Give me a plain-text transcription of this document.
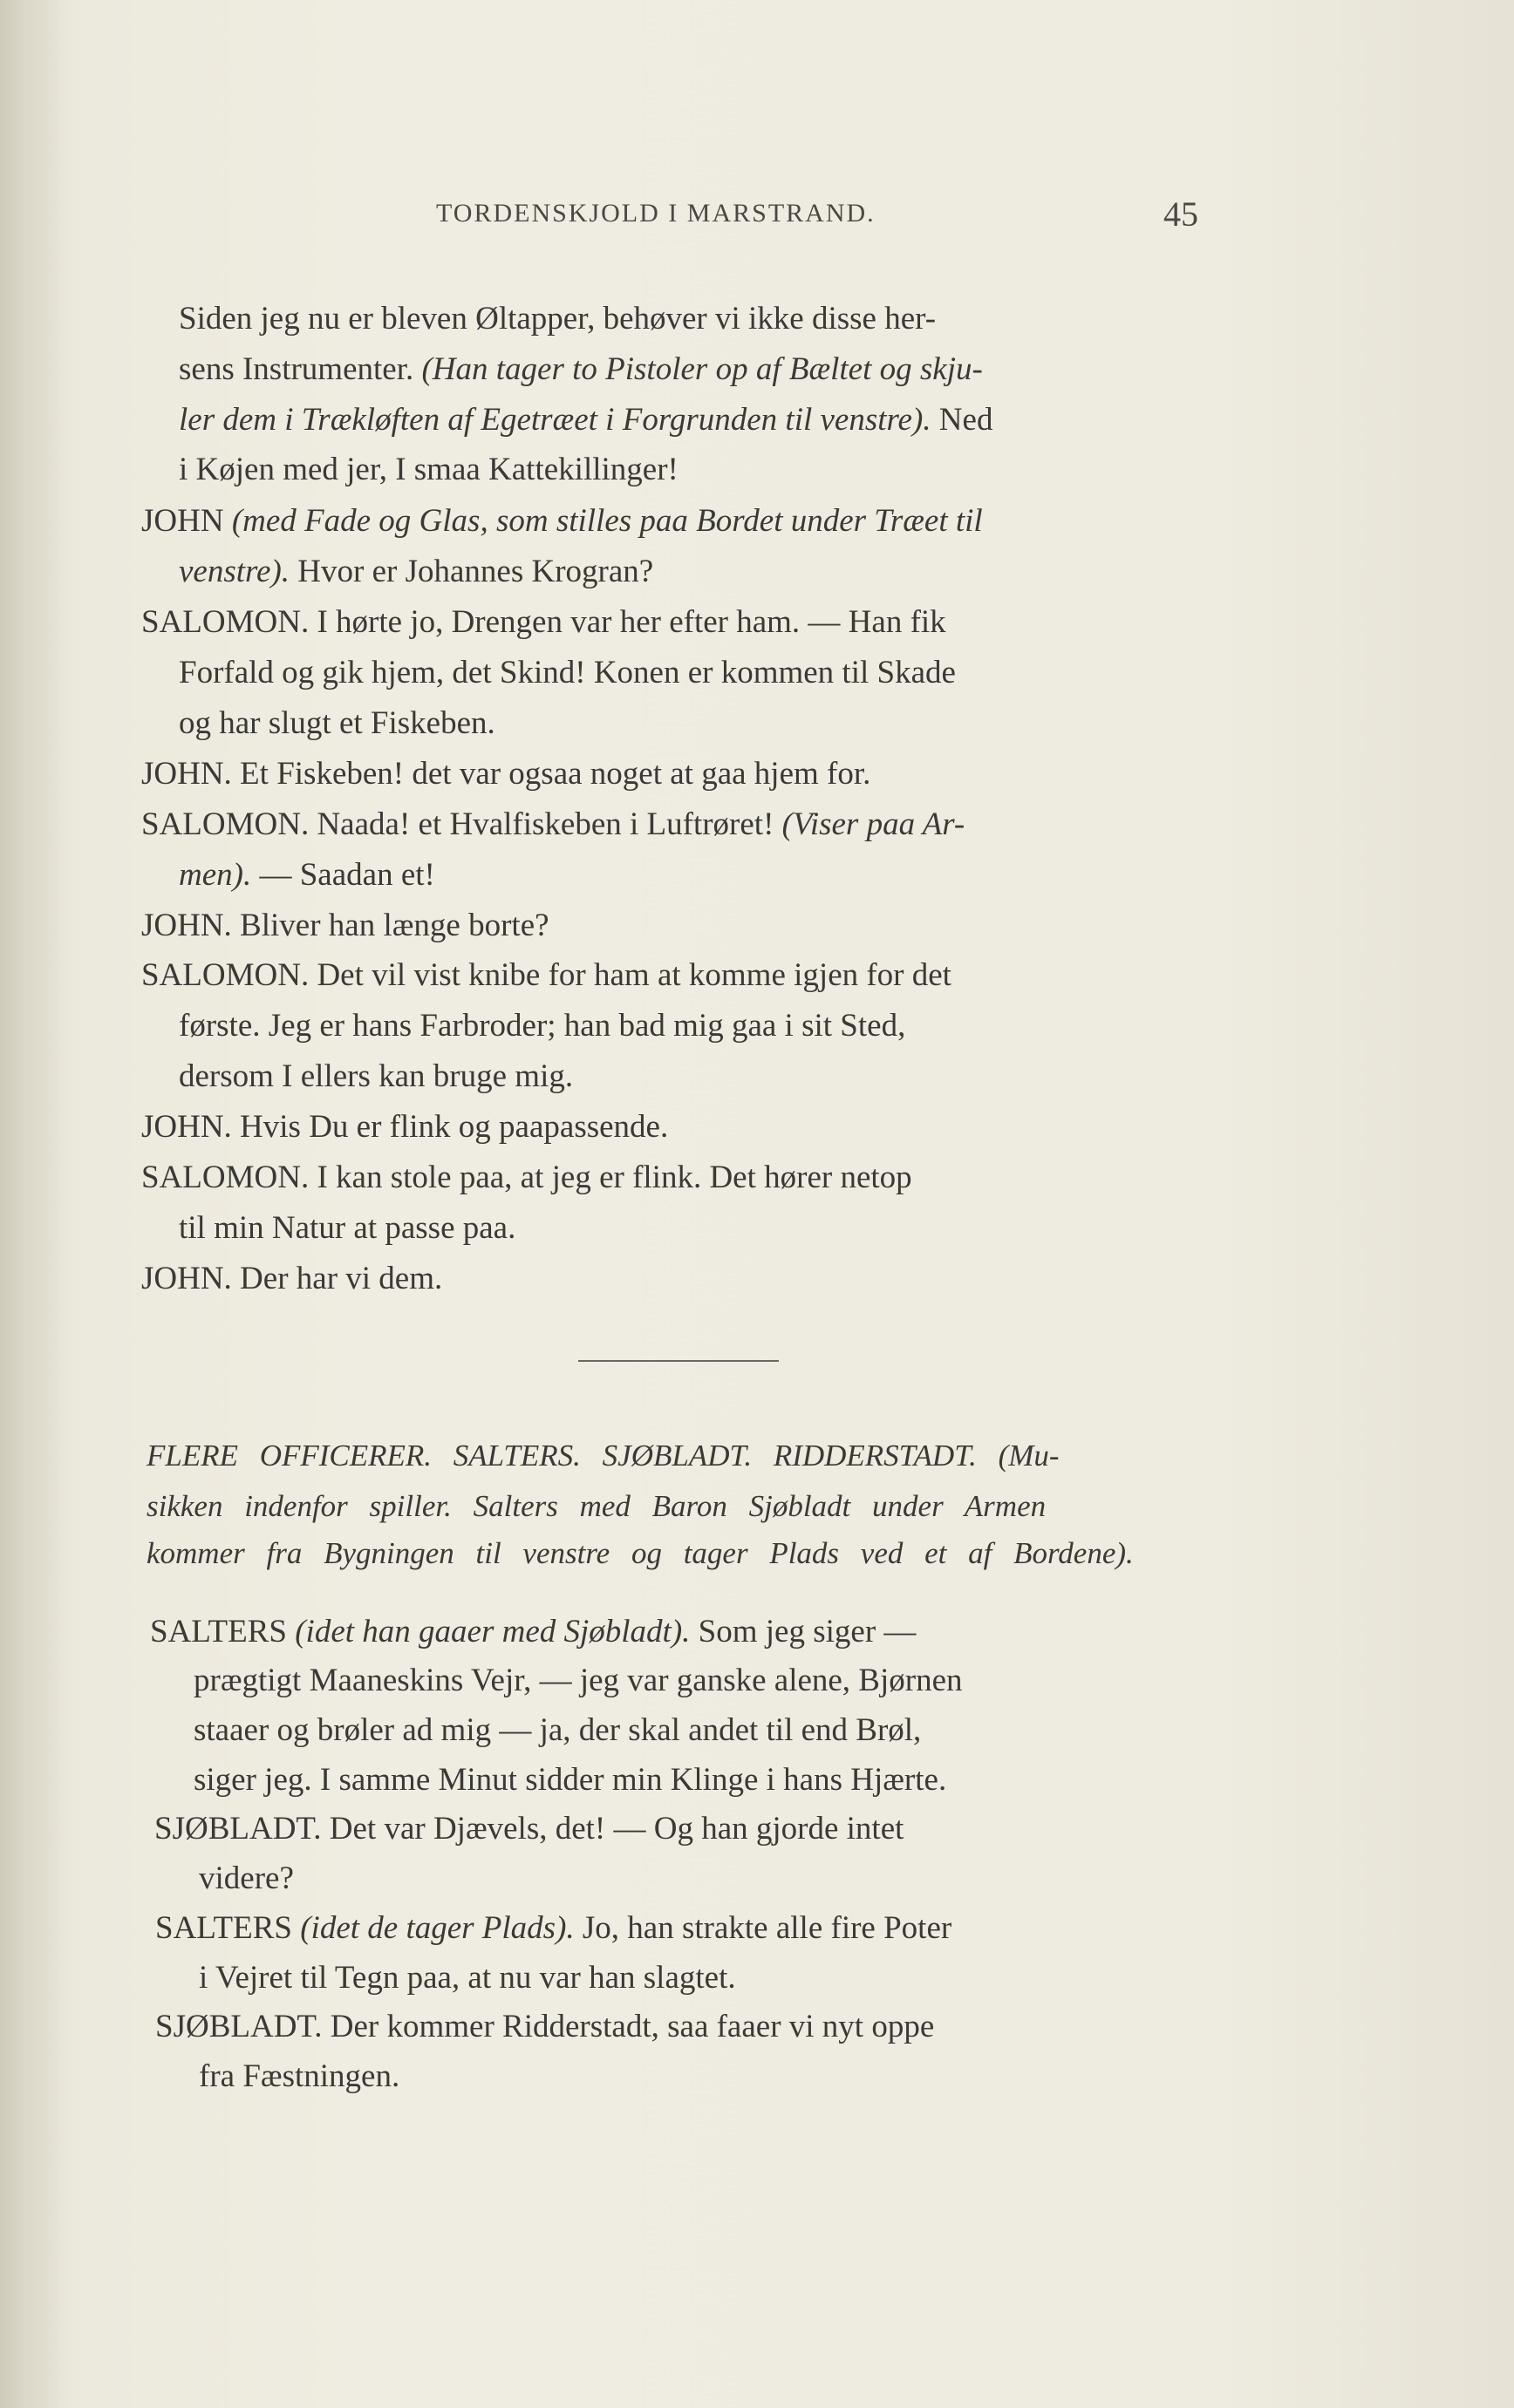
TORDENSKJOLD I MARSTRAND.	45
Siden jeg nu er bleven Øltapper, behøver vi ikke disse her-
sens Instrumenter. (Han tager to Pistoler op af Bæltet og skju-
ler dem i Trækløften af Egetræet i Forgrunden til venstre). Ned
i Køjen med jer, I smaa Kattekillinger!
JOHN (med Fade og Glas, som stilles paa Bordet under Træet til
venstre). Hvor er Johannes Krogran?
SALOMON. I hørte jo, Drengen var her efter ham. — Han fik
Forfald og gik hjem, det Skind! Konen er kommen til Skade
og har slugt et Fiskeben.
JOHN. Et Fiskeben! det var ogsaa noget at gaa hjem for.
SALOMON. Naada! et Hvalfiskeben i Luftrøret! (Viser paa Ar-
men). — Saadan et!
JOHN. Bliver han længe borte?
SALOMON. Det vil vist knibe for ham at komme igjen for det
første. Jeg er hans Farbroder; han bad mig gaa i sit Sted,
dersom I ellers kan bruge mig.
JOHN. Hvis Du er flink og paapassende.
SALOMON. I kan stole paa, at jeg er flink. Det hører netop
til min Natur at passe paa.
JOHN. Der har vi dem.
FLERE OFFICERER. SALTERS. SJØBLADT. RIDDERSTADT. (Mu-
sikken indenfor spiller. Salters med Baron Sjøbladt under Armen
kommer fra Bygningen til venstre og tager Plads ved et af Bordene).
SALTERS (idet han gaaer med Sjøbladt). Som jeg siger —
prægtigt Maaneskins Vejr, — jeg var ganske alene, Bjørnen
staaer og brøler ad mig — ja, der skal andet til end Brøl,
siger jeg. I samme Minut sidder min Klinge i hans Hjærte.
SJØBLADT. Det var Djævels, det! — Og han gjorde intet
videre?
SALTERS (idet de tager Plads). Jo, han strakte alle fire Poter
i Vejret til Tegn paa, at nu var han slagtet.
SJØBLADT. Der kommer Ridderstadt, saa faaer vi nyt oppe
fra Fæstningen.
